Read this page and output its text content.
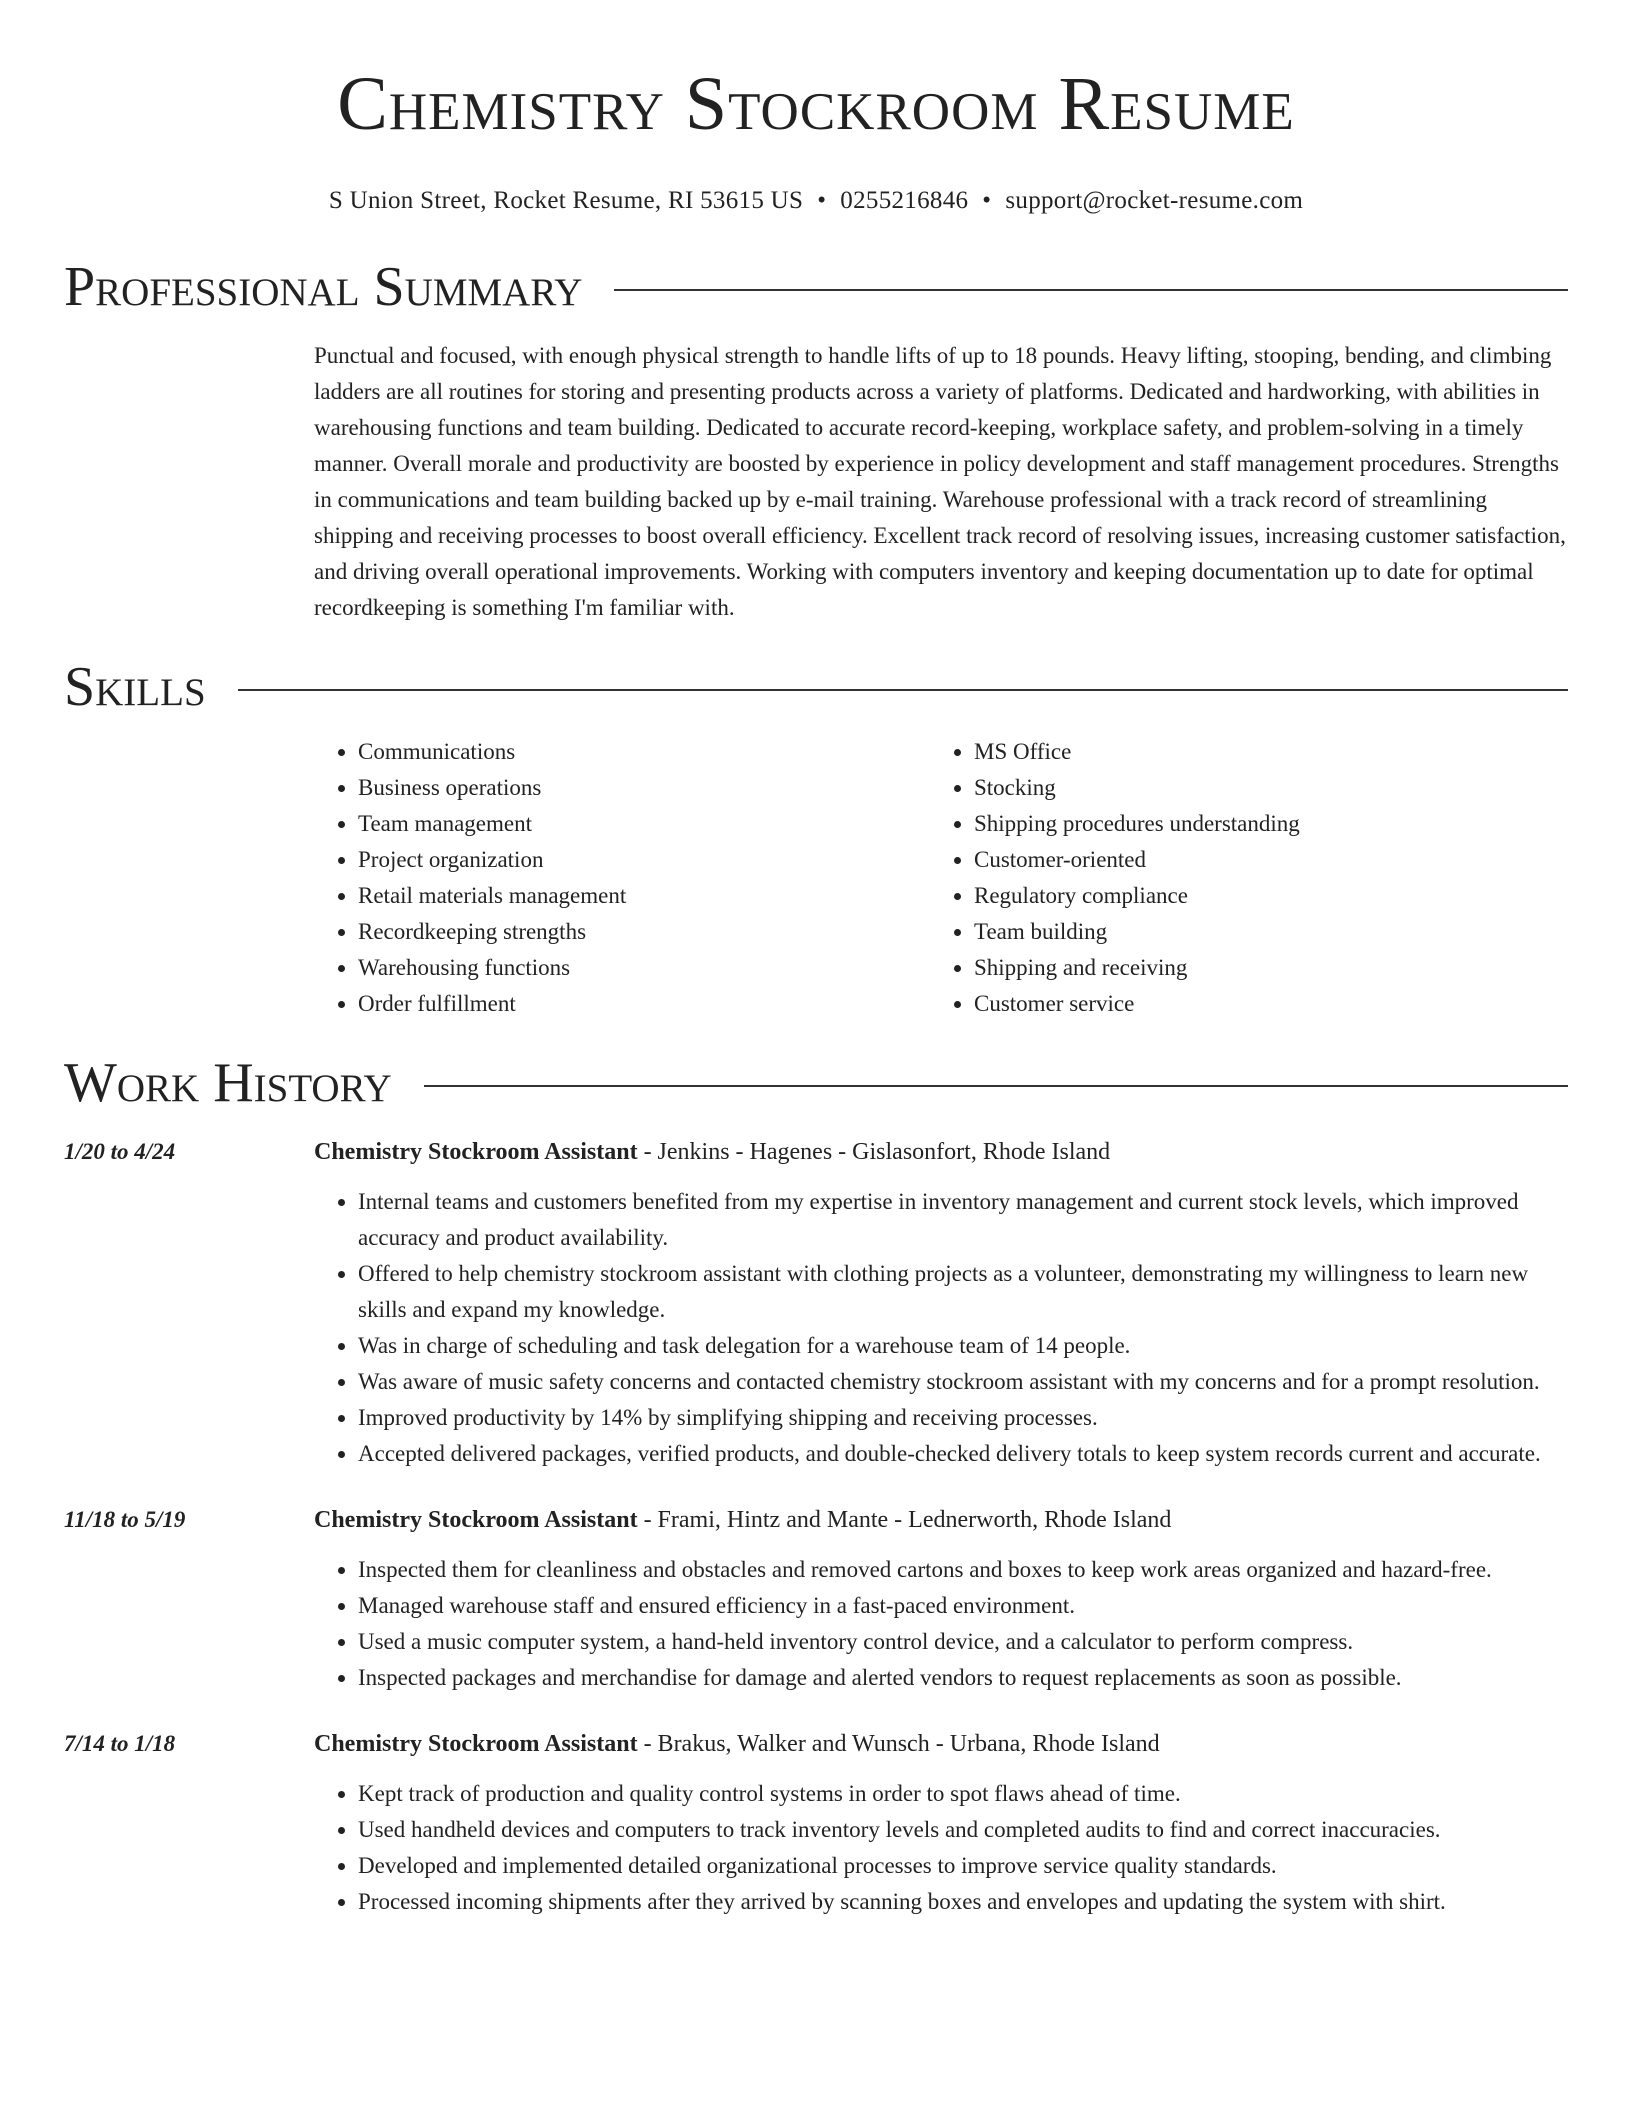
Chemistry Stockroom Resume
S Union Street, Rocket Resume, RI 53615 US • 0255216846 • support@rocket-resume.com
Professional Summary
Punctual and focused, with enough physical strength to handle lifts of up to 18 pounds. Heavy lifting, stooping, bending, and climbing ladders are all routines for storing and presenting products across a variety of platforms. Dedicated and hardworking, with abilities in warehousing functions and team building. Dedicated to accurate record-keeping, workplace safety, and problem-solving in a timely manner. Overall morale and productivity are boosted by experience in policy development and staff management procedures. Strengths in communications and team building backed up by e-mail training. Warehouse professional with a track record of streamlining shipping and receiving processes to boost overall efficiency. Excellent track record of resolving issues, increasing customer satisfaction, and driving overall operational improvements. Working with computers inventory and keeping documentation up to date for optimal recordkeeping is something I'm familiar with.
Skills
• Communications
• Business operations
• Team management
• Project organization
• Retail materials management
• Recordkeeping strengths
• Warehousing functions
• Order fulfillment
• MS Office
• Stocking
• Shipping procedures understanding
• Customer-oriented
• Regulatory compliance
• Team building
• Shipping and receiving
• Customer service
Work History
1/20 to 4/24	Chemistry Stockroom Assistant - Jenkins - Hagenes - Gislasonfort, Rhode Island
• Internal teams and customers benefited from my expertise in inventory management and current stock levels, which improved accuracy and product availability.
• Offered to help chemistry stockroom assistant with clothing projects as a volunteer, demonstrating my willingness to learn new skills and expand my knowledge.
• Was in charge of scheduling and task delegation for a warehouse team of 14 people.
• Was aware of music safety concerns and contacted chemistry stockroom assistant with my concerns and for a prompt resolution.
• Improved productivity by 14% by simplifying shipping and receiving processes.
• Accepted delivered packages, verified products, and double-checked delivery totals to keep system records current and accurate.
11/18 to 5/19	Chemistry Stockroom Assistant - Frami, Hintz and Mante - Lednerworth, Rhode Island
• Inspected them for cleanliness and obstacles and removed cartons and boxes to keep work areas organized and hazard-free.
• Managed warehouse staff and ensured efficiency in a fast-paced environment.
• Used a music computer system, a hand-held inventory control device, and a calculator to perform compress.
• Inspected packages and merchandise for damage and alerted vendors to request replacements as soon as possible.
7/14 to 1/18	Chemistry Stockroom Assistant - Brakus, Walker and Wunsch - Urbana, Rhode Island
• Kept track of production and quality control systems in order to spot flaws ahead of time.
• Used handheld devices and computers to track inventory levels and completed audits to find and correct inaccuracies.
• Developed and implemented detailed organizational processes to improve service quality standards.
• Processed incoming shipments after they arrived by scanning boxes and envelopes and updating the system with shirt.
